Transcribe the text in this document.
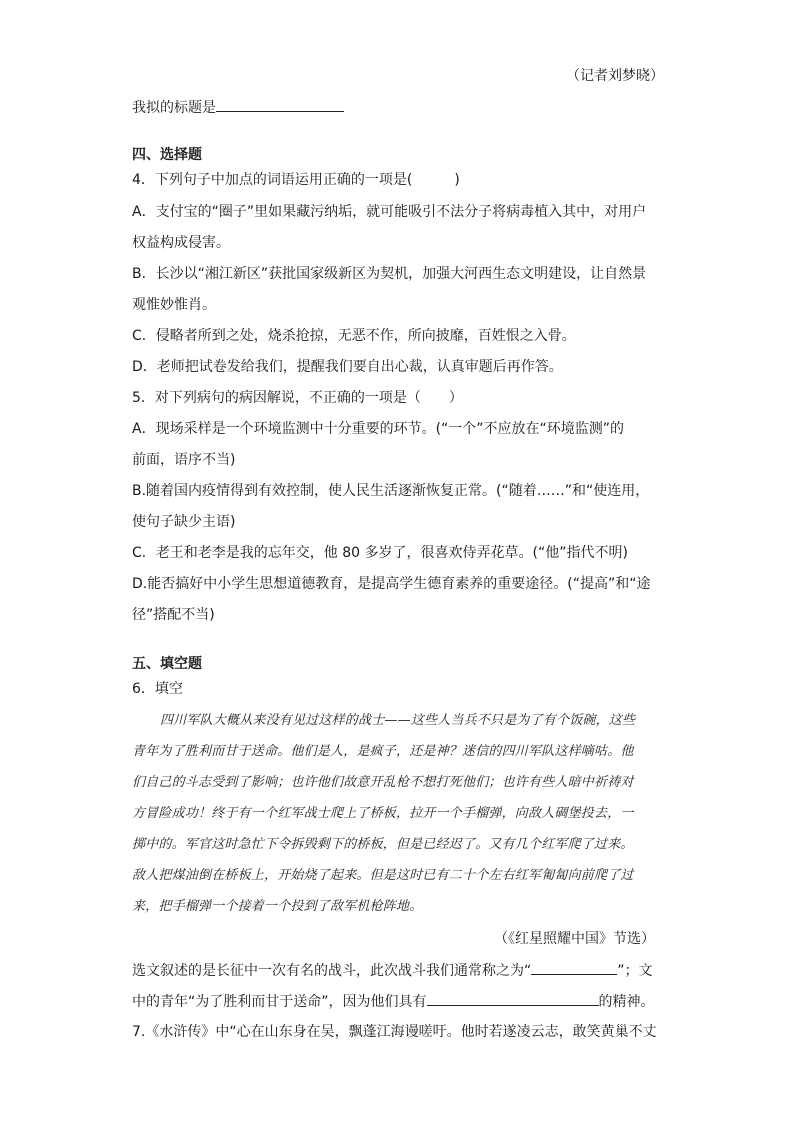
（记者刘梦晓）
我拟的标题是
四、选择题
4．下列句子中加点的词语运用正确的一项是(　　　)
A．支付宝的“圈子”里如果藏污纳垢，就可能吸引不法分子将病毒植入其中，对用户
权益构成侵害。
B．长沙以“湘江新区”获批国家级新区为契机，加强大河西生态文明建设，让自然景
观惟妙惟肖。
C．侵略者所到之处，烧杀抢掠，无恶不作，所向披靡，百姓恨之入骨。
D．老师把试卷发给我们，提醒我们要自出心裁，认真审题后再作答。
5．对下列病句的病因解说，不正确的一项是（　　）
A．现场采样是一个环境监测中十分重要的环节。(“一个”不应放在“环境监测”的
前面，语序不当)
B.随着国内疫情得到有效控制，使人民生活逐渐恢复正常。(“随着……”和“使连用，
使句子缺少主语)
C．老王和老李是我的忘年交，他 80 多岁了，很喜欢侍弄花草。(“他”指代不明)
D.能否搞好中小学生思想道德教育，是提高学生德育素养的重要途径。(“提高”和“途
径”搭配不当)
五、填空题
6．填空
四川军队大概从来没有见过这样的战士——这些人当兵不只是为了有个饭碗，这些
青年为了胜利而甘于送命。他们是人，是疯子，还是神？迷信的四川军队这样嘀咕。他
们自己的斗志受到了影响；也许他们故意开乱枪不想打死他们；也许有些人暗中祈祷对
方冒险成功！终于有一个红军战士爬上了桥板，拉开一个手榴弹，向敌人碉堡投去，一
掷中的。军官这时急忙下令拆毁剩下的桥板，但是已经迟了。又有几个红军爬了过来。
敌人把煤油倒在桥板上，开始烧了起来。但是这时已有二十个左右红军匍匐向前爬了过
来，把手榴弹一个接着一个投到了敌军机枪阵地。
（《红星照耀中国》节选）
选文叙述的是长征中一次有名的战斗，此次战斗我们通常称之为“	”；文
中的青年“为了胜利而甘于送命”，因为他们具有	的精神。
7.《水浒传》中“心在山东身在吴，飘蓬江海谩嗟吁。他时若遂凌云志，敢笑黄巢不丈
